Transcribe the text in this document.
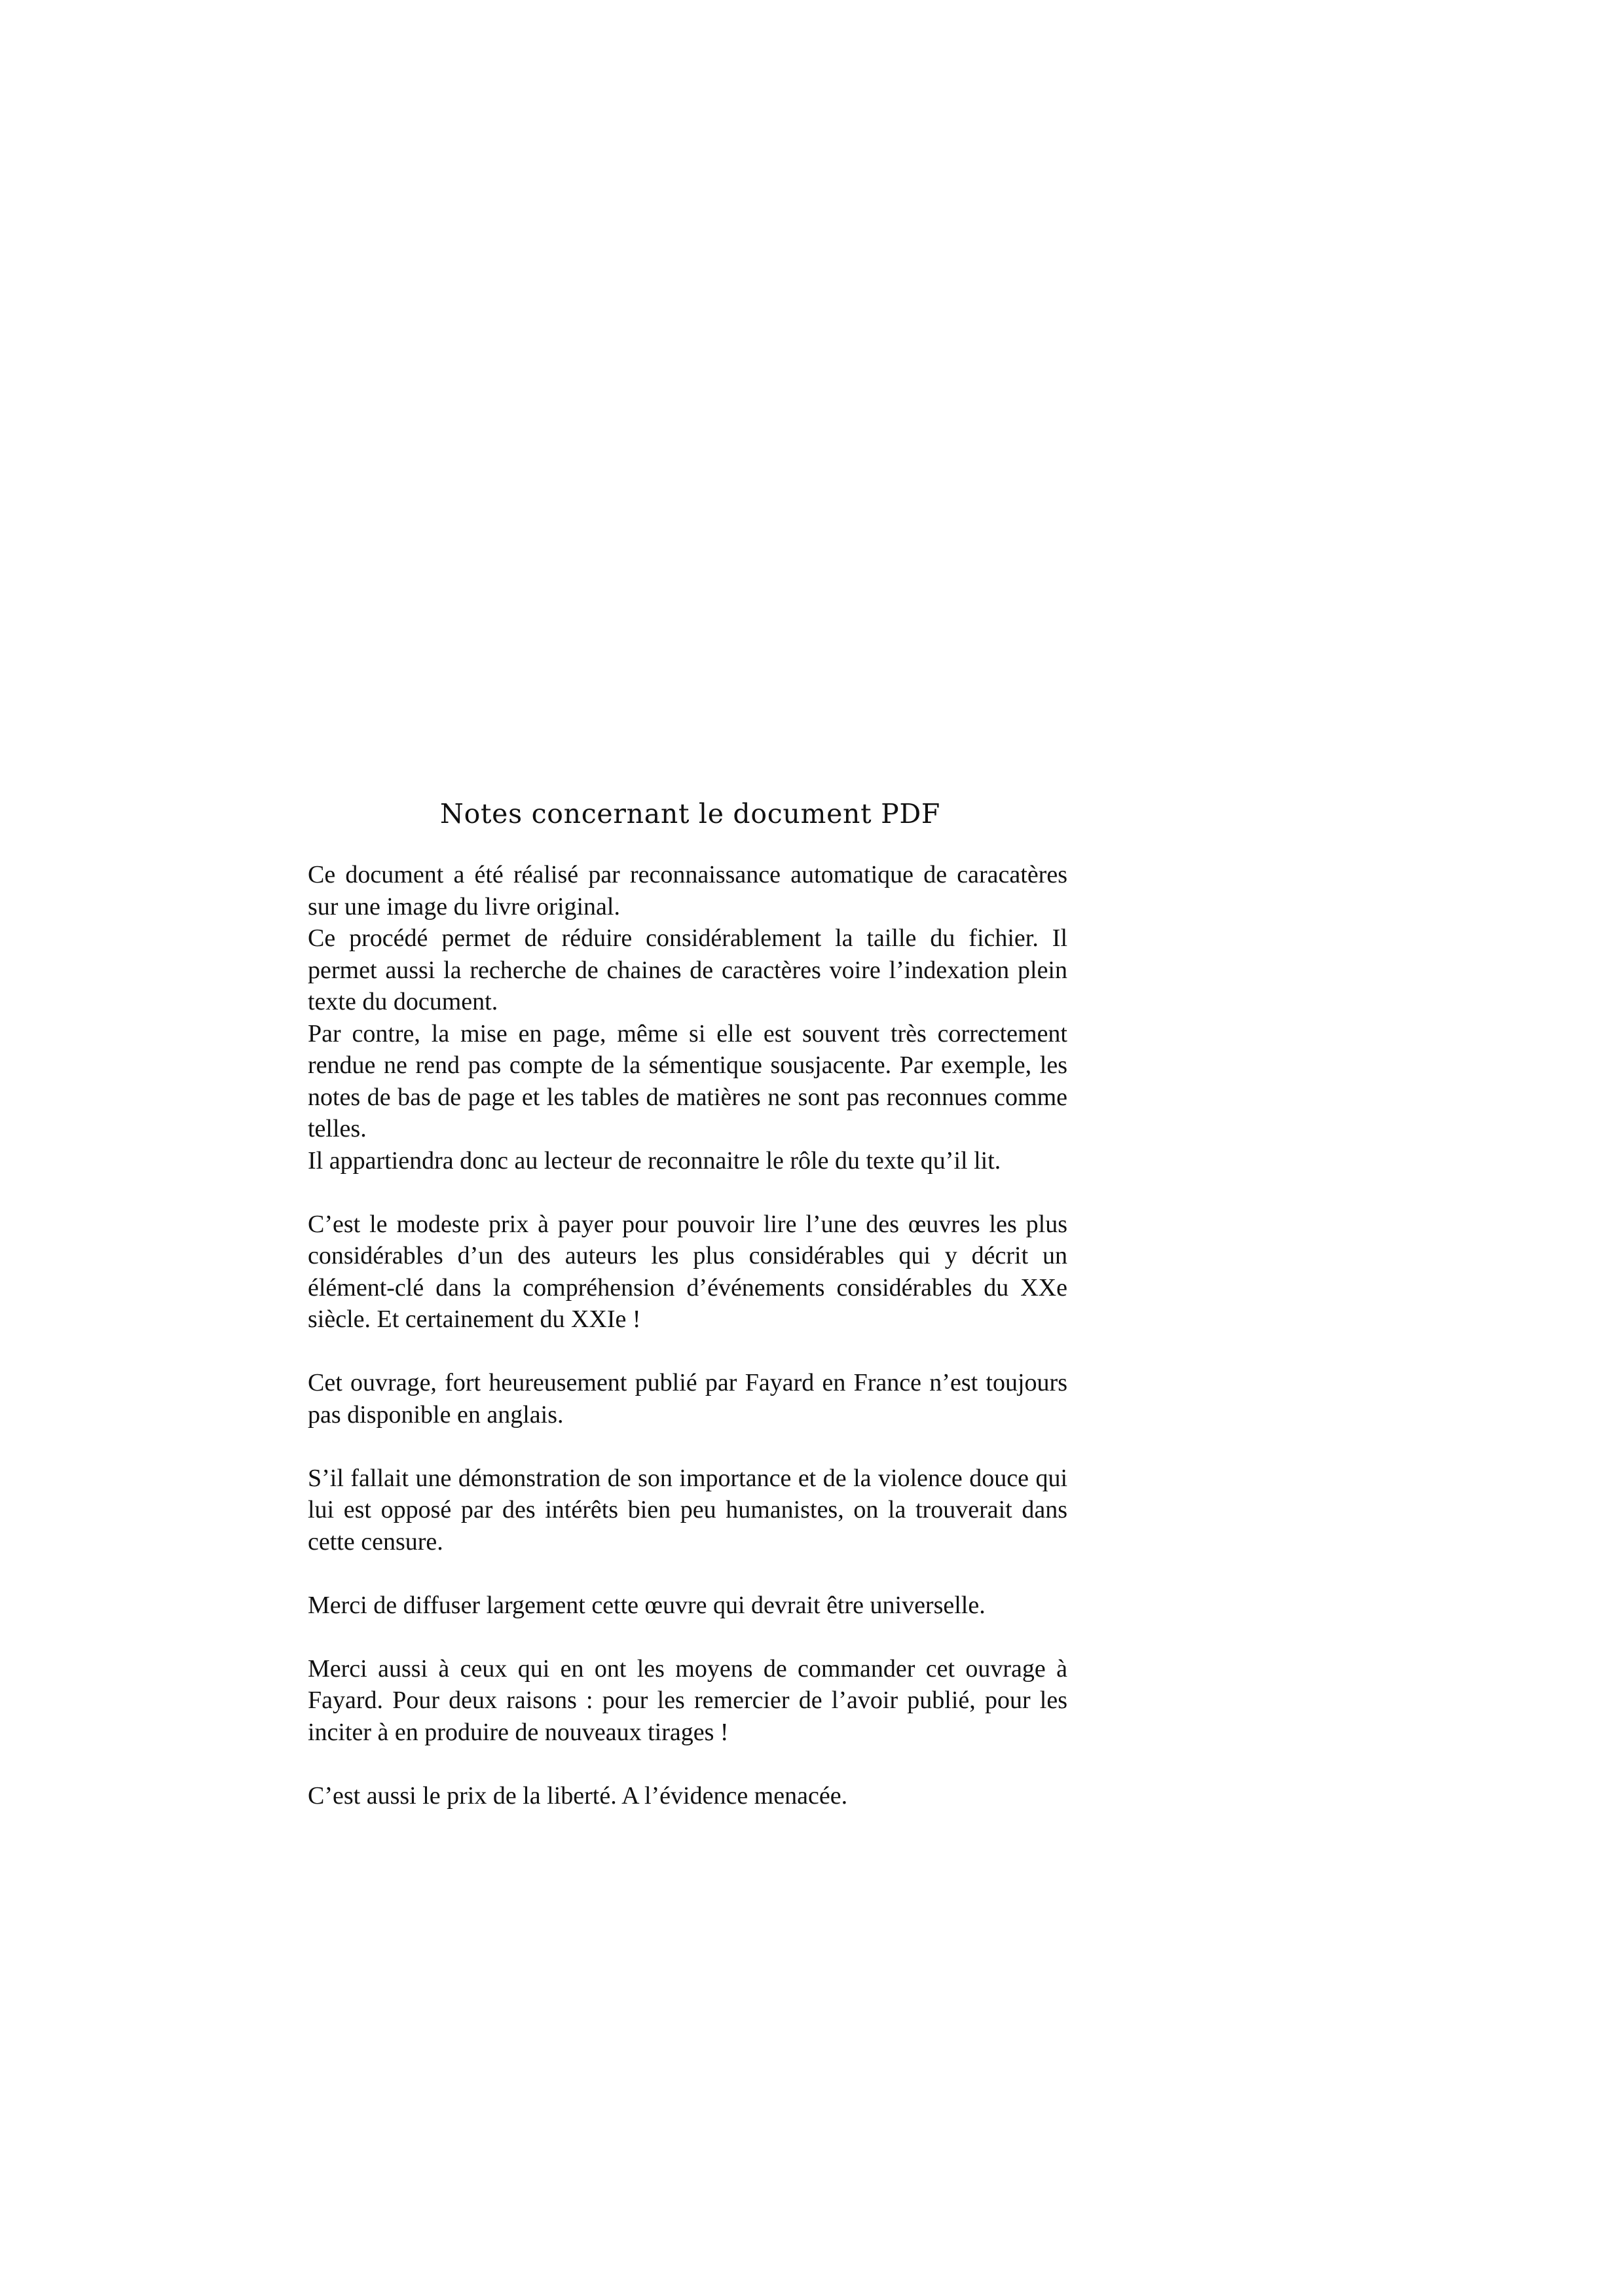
Notes concernant le document PDF

Ce document a été réalisé par reconnaissance automatique de caracatères sur une image du livre original.
Ce procédé permet de réduire considérablement la taille du fichier. Il permet aussi la recherche de chaines de caractères voire l’indexation plein texte du document.
Par contre, la mise en page, même si elle est souvent très correctement rendue ne rend pas compte de la sémentique sousjacente. Par exemple, les notes de bas de page et les tables de matières ne sont pas reconnues comme telles.
Il appartiendra donc au lecteur de reconnaitre le rôle du texte qu’il lit.

C’est le modeste prix à payer pour pouvoir lire l’une des œuvres les plus considérables d’un des auteurs les plus considérables qui y décrit un élément-clé dans la compréhension d’événements considérables du XXe siècle. Et certainement du XXIe !

Cet ouvrage, fort heureusement publié par Fayard en France n’est toujours pas disponible en anglais.

S’il fallait une démonstration de son importance et de la violence douce qui lui est opposé par des intérêts bien peu humanistes, on la trouverait dans cette censure.

Merci de diffuser largement cette œuvre qui devrait être universelle.

Merci aussi à ceux qui en ont les moyens de commander cet ouvrage à Fayard. Pour deux raisons : pour les remercier de l’avoir publié, pour les inciter à en produire de nouveaux tirages !

C’est aussi le prix de la liberté. A l’évidence menacée.
